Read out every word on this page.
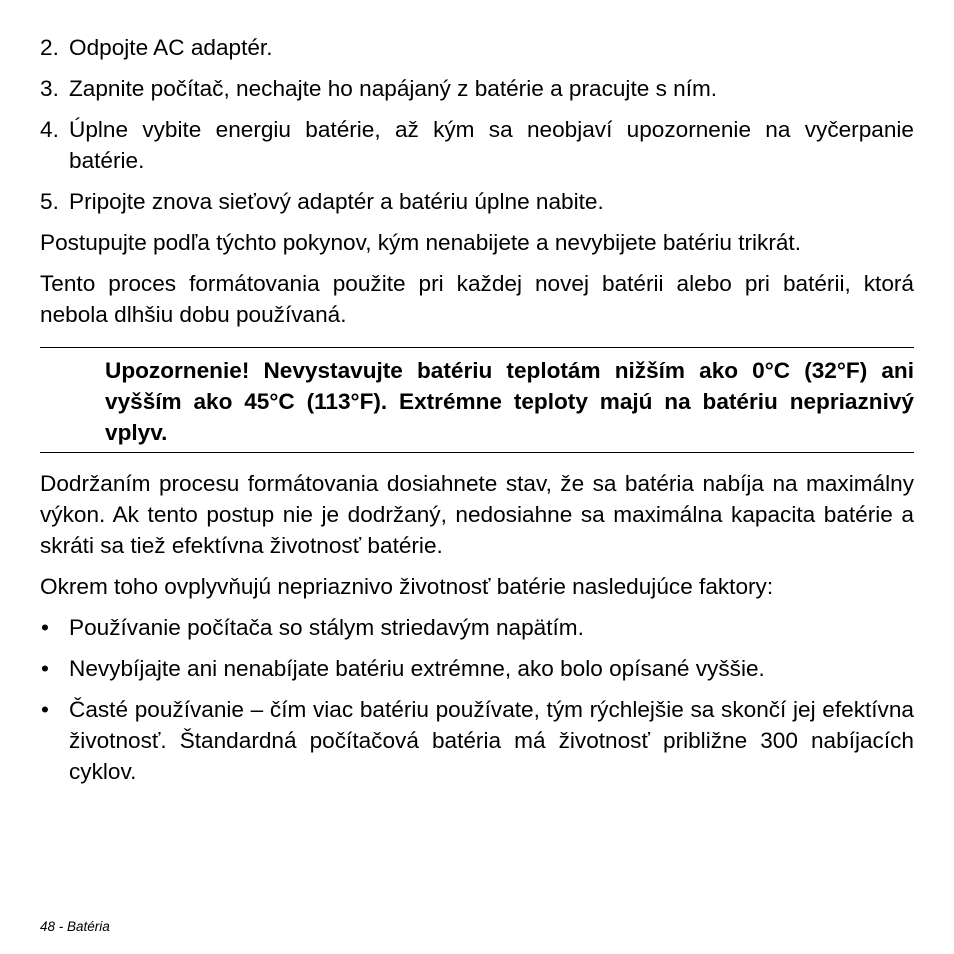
2. Odpojte AC adaptér.
3. Zapnite počítač, nechajte ho napájaný z batérie a pracujte s ním.
4. Úplne vybite energiu batérie, až kým sa neobjaví upozornenie na vyčerpanie batérie.
5. Pripojte znova sieťový adaptér a batériu úplne nabite.

Postupujte podľa týchto pokynov, kým nenabijete a nevybijete batériu trikrát.

Tento proces formátovania použite pri každej novej batérii alebo pri batérii, ktorá nebola dlhšiu dobu používaná.

Upozornenie! Nevystavujte batériu teplotám nižším ako 0°C (32°F) ani vyšším ako 45°C (113°F). Extrémne teploty majú na batériu nepriaznivý vplyv.

Dodržaním procesu formátovania dosiahnete stav, že sa batéria nabíja na maximálny výkon. Ak tento postup nie je dodržaný, nedosiahne sa maximálna kapacita batérie a skráti sa tiež efektívna životnosť batérie.

Okrem toho ovplyvňujú nepriaznivo životnosť batérie nasledujúce faktory:

• Používanie počítača so stálym striedavým napätím.
• Nevybíjajte ani nenabíjate batériu extrémne, ako bolo opísané vyššie.
• Časté používanie – čím viac batériu používate, tým rýchlejšie sa skončí jej efektívna životnosť. Štandardná počítačová batéria má životnosť približne 300 nabíjacích cyklov.
48 - Batéria
